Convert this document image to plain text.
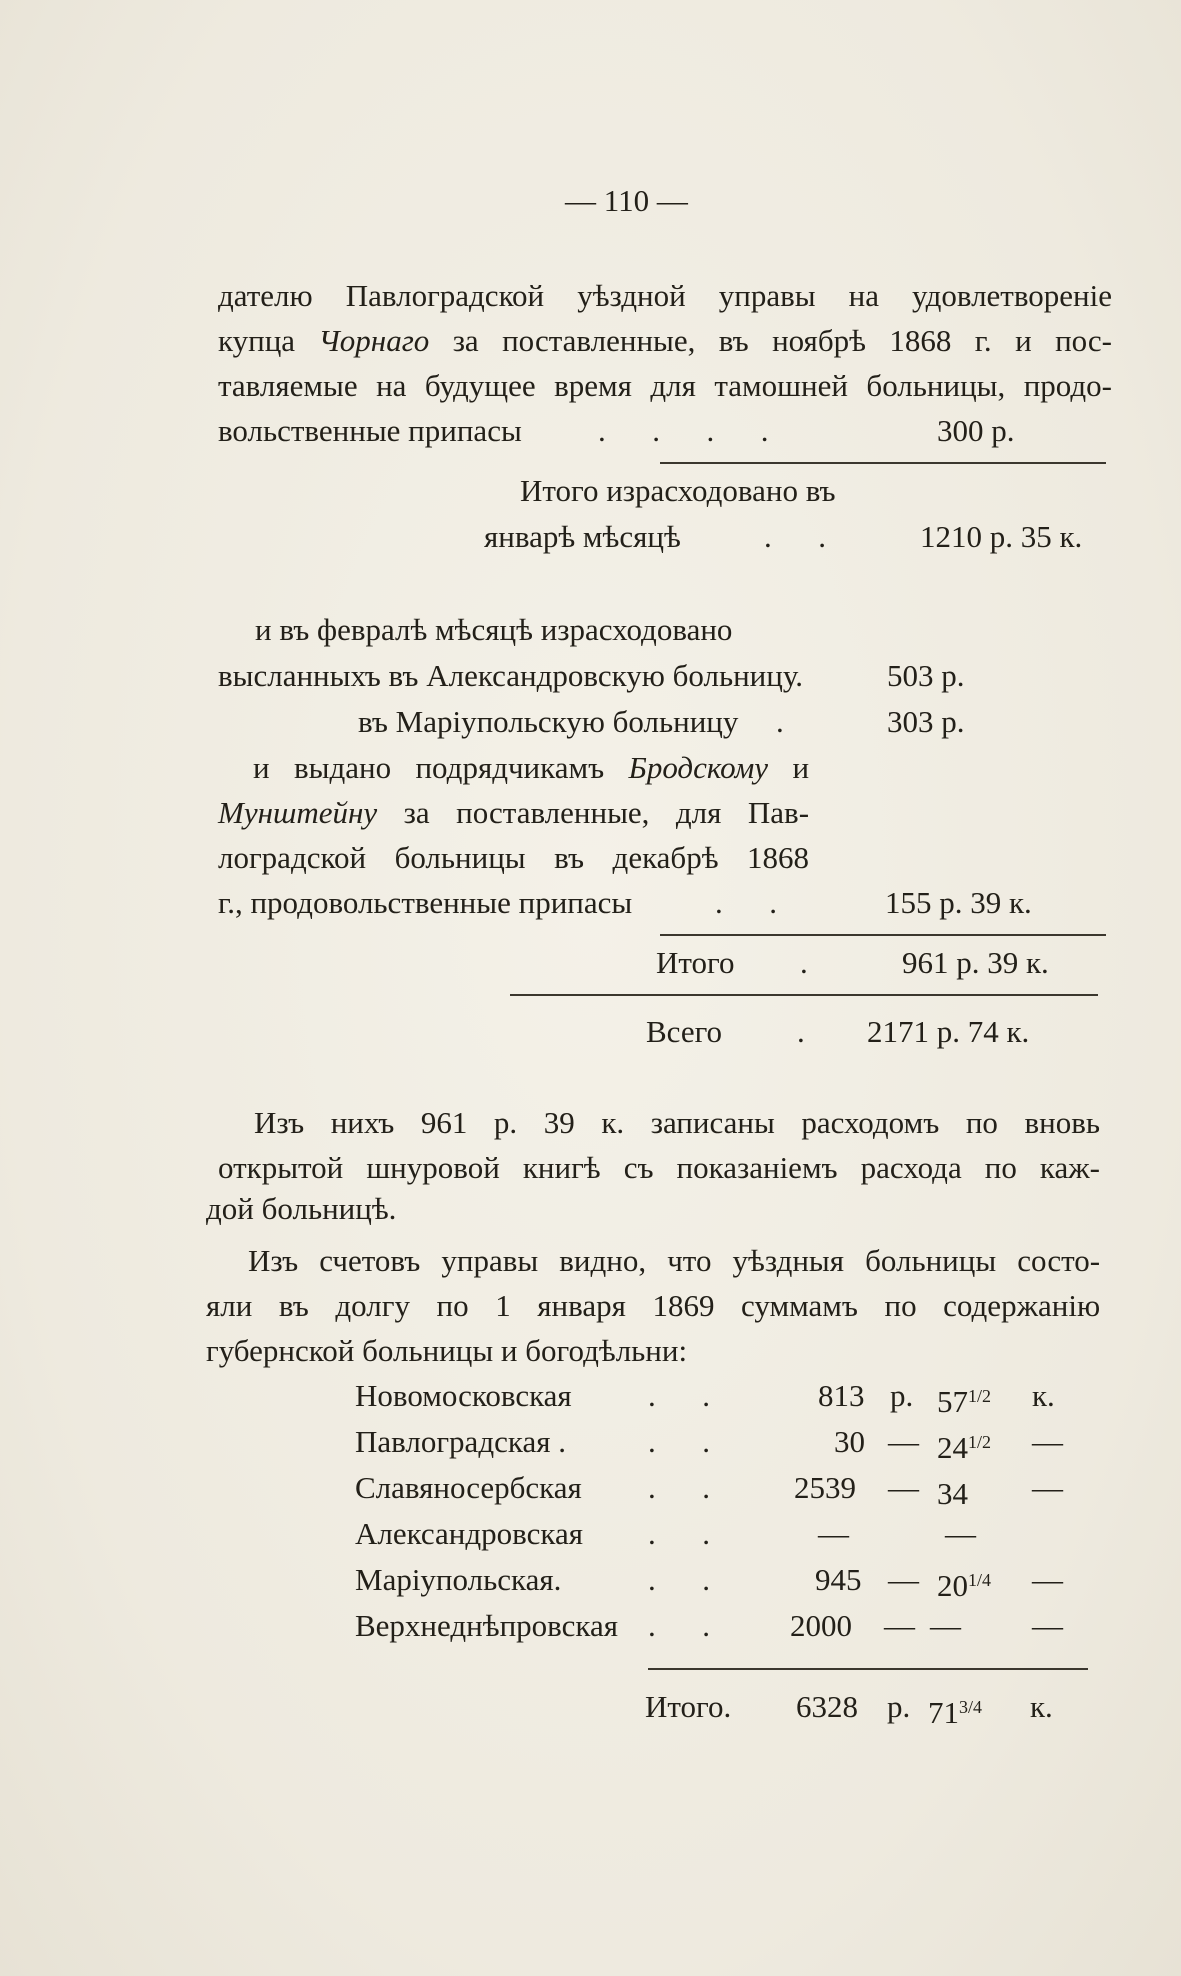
— 110 —
дателю Павлоградской уѣздной управы на удовлетвореніе
купца Чорнаго за поставленные, въ ноябрѣ 1868 г. и пос-
тавляемые на будущее время для тамошней больницы, продо-
вольственные припасы .      .      .      .	300 р.
Итого израсходовано въ
январѣ мѣсяцѣ	.      .	1210 р. 35 к.
и въ февралѣ мѣсяцѣ израсходовано
высланныхъ въ Александровскую больницу.	503 р.
въ Маріупольскую больницу .	303 р.
и выдано подрядчикамъ Бродскому и
Мунштейну за поставленные, для Пав-
лоградской больницы въ декабрѣ 1868
г., продовольственные припасы	.      .	155 р. 39 к.
Итого .	961 р. 39 к.
Всего . 2171 р. 74 к.
Изъ нихъ 961 р. 39 к. записаны расходомъ по вновь
открытой шнуровой книгѣ съ показаніемъ расхода по каж-
дой больницѣ.
Изъ счетовъ управы видно, что уѣздныя больницы состо-
яли въ долгу по 1 января 1869 суммамъ по содержанію
губернской больницы и богодѣльни:
Новомосковская .      .	813 р. $57^{1/2}$ к.
Павлоградская .	.      .	30 — $24^{1/2}$ —
Славяносербская .      .	2539 — 34 —
Александровская .      .	—	—
Маріупольская.	.      .	945 — $20^{1/4}$ —
Верхнеднѣпровская .      .	2000 — — —
Итого. 6328 р. $71^{3/4}$ к.
